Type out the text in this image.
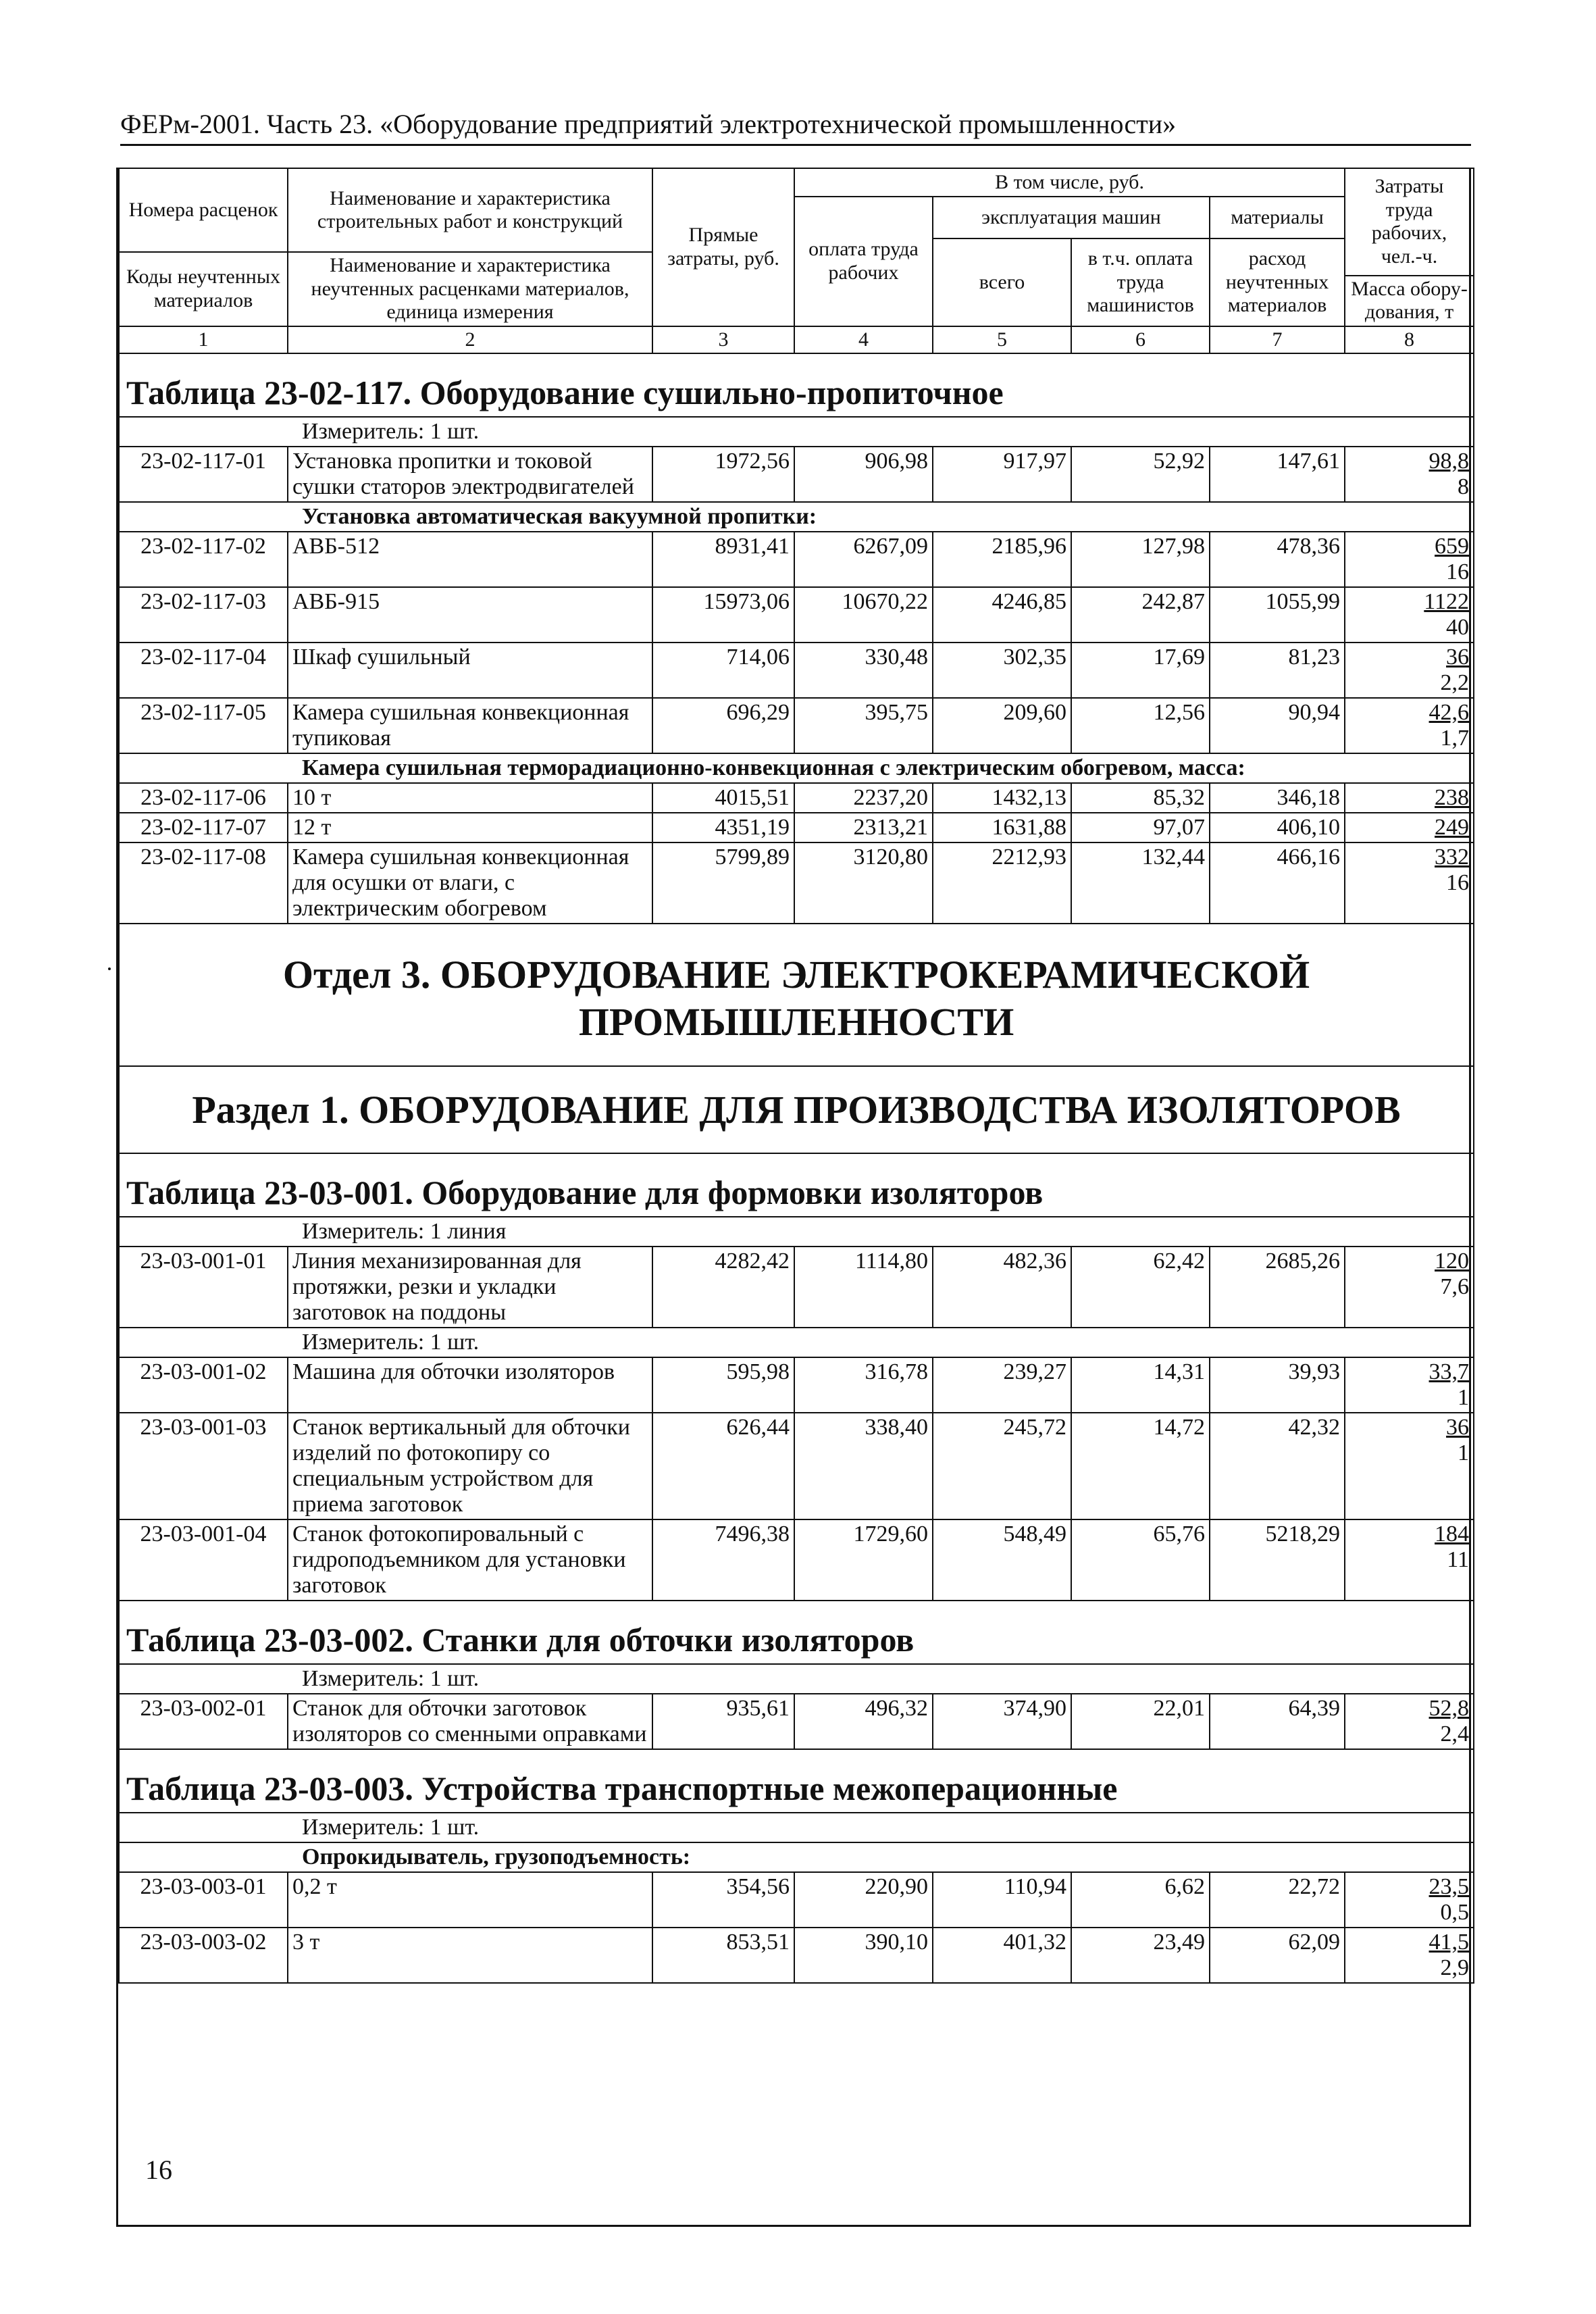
ФЕРм-2001. Часть 23. «Оборудование предприятий электротехнической промышленности»
Номера расценок	Наименование и характеристика строительных работ и конструкций	Прямые затраты, руб.	В том числе, руб.				Затраты труда рабочих, чел.-ч.
			оплата труда рабочих	эксплуатация машин		материалы	
				всего	в т.ч. оплата труда машинистов	расход неучтенных материалов	
Коды неучтенных материалов	Наименование и характеристика неучтенных расценками материалов, единица измерения						
							Масса обору- дования, т
1	2	3	4	5	6	7	8
Таблица 23-02-117. Оборудование сушильно-пропиточное							
Измеритель: 1 шт.							
23-02-117-01	Установка пропитки и токовой сушки статоров электродвигателей	1972,56	906,98	917,97	52,92	147,61	98,8
8

Установка автоматическая вакуумной пропитки:							
23-02-117-02	АВБ-512	8931,41	6267,09	2185,96	127,98	478,36	659
16

23-02-117-03	АВБ-915	15973,06	10670,22	4246,85	242,87	1055,99	1122
40

23-02-117-04	Шкаф сушильный	714,06	330,48	302,35	17,69	81,23	36
2,2

23-02-117-05	Камера сушильная конвекционная тупиковая	696,29	395,75	209,60	12,56	90,94	42,6
1,7

Камера сушильная терморадиационно-конвекционная с электрическим обогревом, масса:							
23-02-117-06	10 т	4015,51	2237,20	1432,13	85,32	346,18	238

23-02-117-07	12 т	4351,19	2313,21	1631,88	97,07	406,10	249

23-02-117-08	Камера сушильная конвекционная для осушки от влаги, с электрическим обогревом	5799,89	3120,80	2212,93	132,44	466,16	332
16

Отдел 3. ОБОРУДОВАНИЕ ЭЛЕКТРОКЕРАМИЧЕСКОЙ
ПРОМЫШЛЕННОСТИ							

Раздел 1. ОБОРУДОВАНИЕ ДЛЯ ПРОИЗВОДСТВА ИЗОЛЯТОРОВ							
Таблица 23-03-001. Оборудование для формовки изоляторов							
Измеритель: 1 линия							
23-03-001-01	Линия механизированная для протяжки, резки и укладки заготовок на поддоны	4282,42	1114,80	482,36	62,42	2685,26	120
7,6

Измеритель: 1 шт.							
23-03-001-02	Машина для обточки изоляторов	595,98	316,78	239,27	14,31	39,93	33,7
1

23-03-001-03	Станок вертикальный для обточки изделий по фотокопиру со специальным устройством для приема заготовок	626,44	338,40	245,72	14,72	42,32	36
1

23-03-001-04	Станок фотокопировальный с гидроподъемником для установки заготовок	7496,38	1729,60	548,49	65,76	5218,29	184
11

Таблица 23-03-002. Станки для обточки изоляторов							
Измеритель: 1 шт.							
23-03-002-01	Станок для обточки заготовок изоляторов со сменными оправками	935,61	496,32	374,90	22,01	64,39	52,8
2,4

Таблица 23-03-003. Устройства транспортные межоперационные							
Измеритель: 1 шт.							
Опрокидыватель, грузоподъемность:							
23-03-003-01	0,2 т	354,56	220,90	110,94	6,62	22,72	23,5
0,5

23-03-003-02	3 т	853,51	390,10	401,32	23,49	62,09	41,5
2,9
16
